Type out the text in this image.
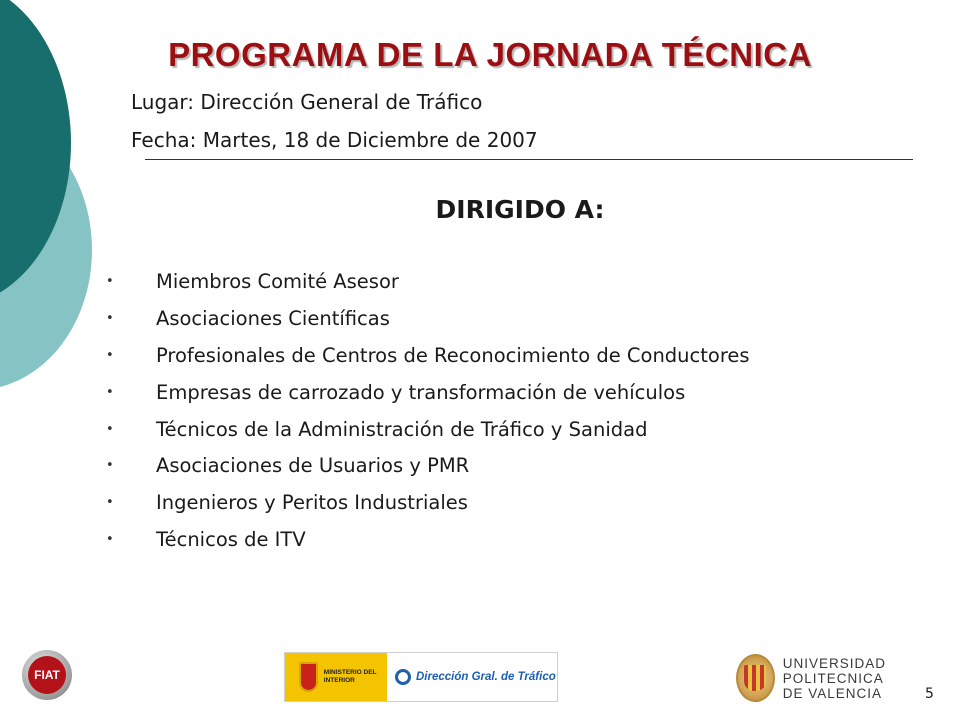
PROGRAMA DE LA JORNADA TÉCNICA
Lugar: Dirección General de Tráfico
Fecha: Martes, 18 de Diciembre de 2007
DIRIGIDO A:
• Miembros Comité Asesor
• Asociaciones Científicas
• Profesionales de Centros de Reconocimiento de Conductores
• Empresas de carrozado y transformación de vehículos
• Técnicos de la Administración de Tráfico y Sanidad
• Asociaciones de Usuarios y PMR
• Ingenieros y Peritos Industriales
• Técnicos de ITV
FIAT	MINISTERIO DEL INTERIOR	Dirección Gral. de Tráfico
UNIVERSIDAD
POLITECNICA
DE VALENCIA	5
